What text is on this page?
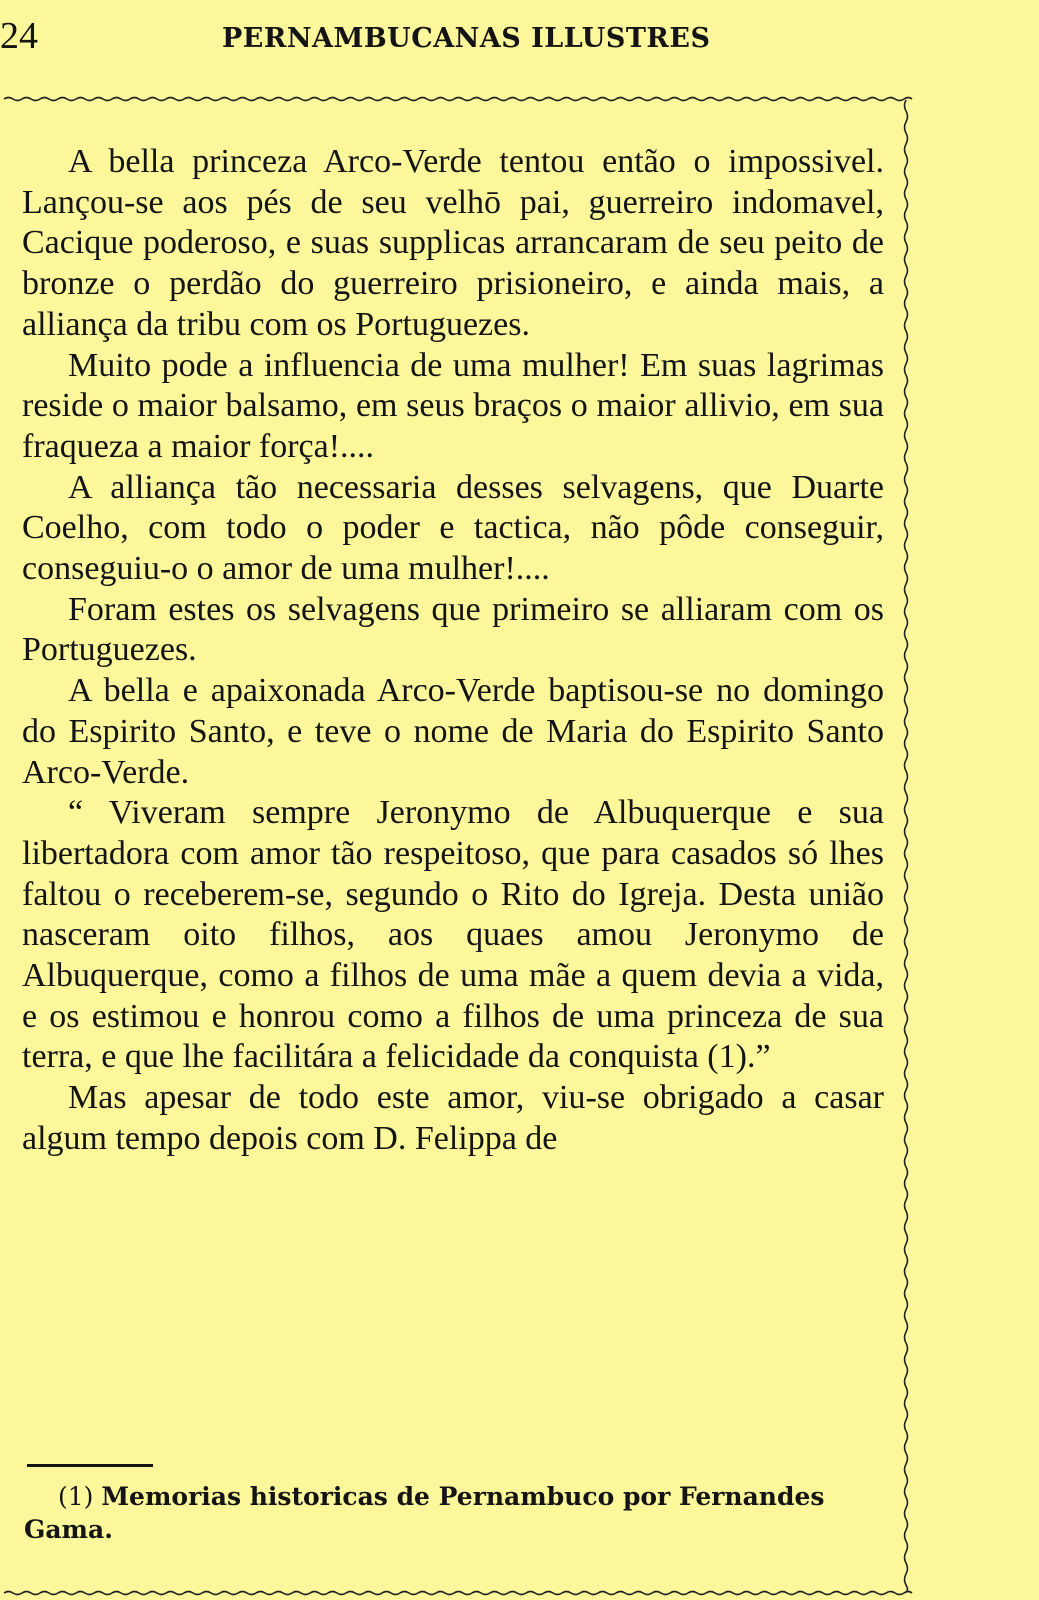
24	PERNAMBUCANAS ILLUSTRES

A bella princeza Arco-Verde tentou então o impossivel. Lançou-se aos pés de seu velhō pai, guerreiro indomavel, Cacique poderoso, e suas supplicas arrancaram de seu peito de bronze o perdão do guerreiro prisioneiro, e ainda mais, a alliança da tribu com os Portuguezes.

Muito pode a influencia de uma mulher! Em suas lagrimas reside o maior balsamo, em seus braços o maior allivio, em sua fraqueza a maior força!....

A alliança tão necessaria desses selvagens, que Duarte Coelho, com todo o poder e tactica, não pôde conseguir, conseguiu-o o amor de uma mulher!....

Foram estes os selvagens que primeiro se alliaram com os Portuguezes.

A bella e apaixonada Arco-Verde baptisou-se no domingo do Espirito Santo, e teve o nome de Maria do Espirito Santo Arco-Verde.

“ Viveram sempre Jeronymo de Albuquerque e sua libertadora com amor tão respeitoso, que para casados só lhes faltou o receberem-se, segundo o Rito do Igreja. Desta união nasceram oito filhos, aos quaes amou Jeronymo de Albuquerque, como a filhos de uma mãe a quem devia a vida, e os estimou e honrou como a filhos de uma princeza de sua terra, e que lhe facilitára a felicidade da conquista (1).”

Mas apesar de todo este amor, viu-se obrigado a casar algum tempo depois com D. Felippa de

(1) Memorias historicas de Pernambuco por Fernandes Gama.
